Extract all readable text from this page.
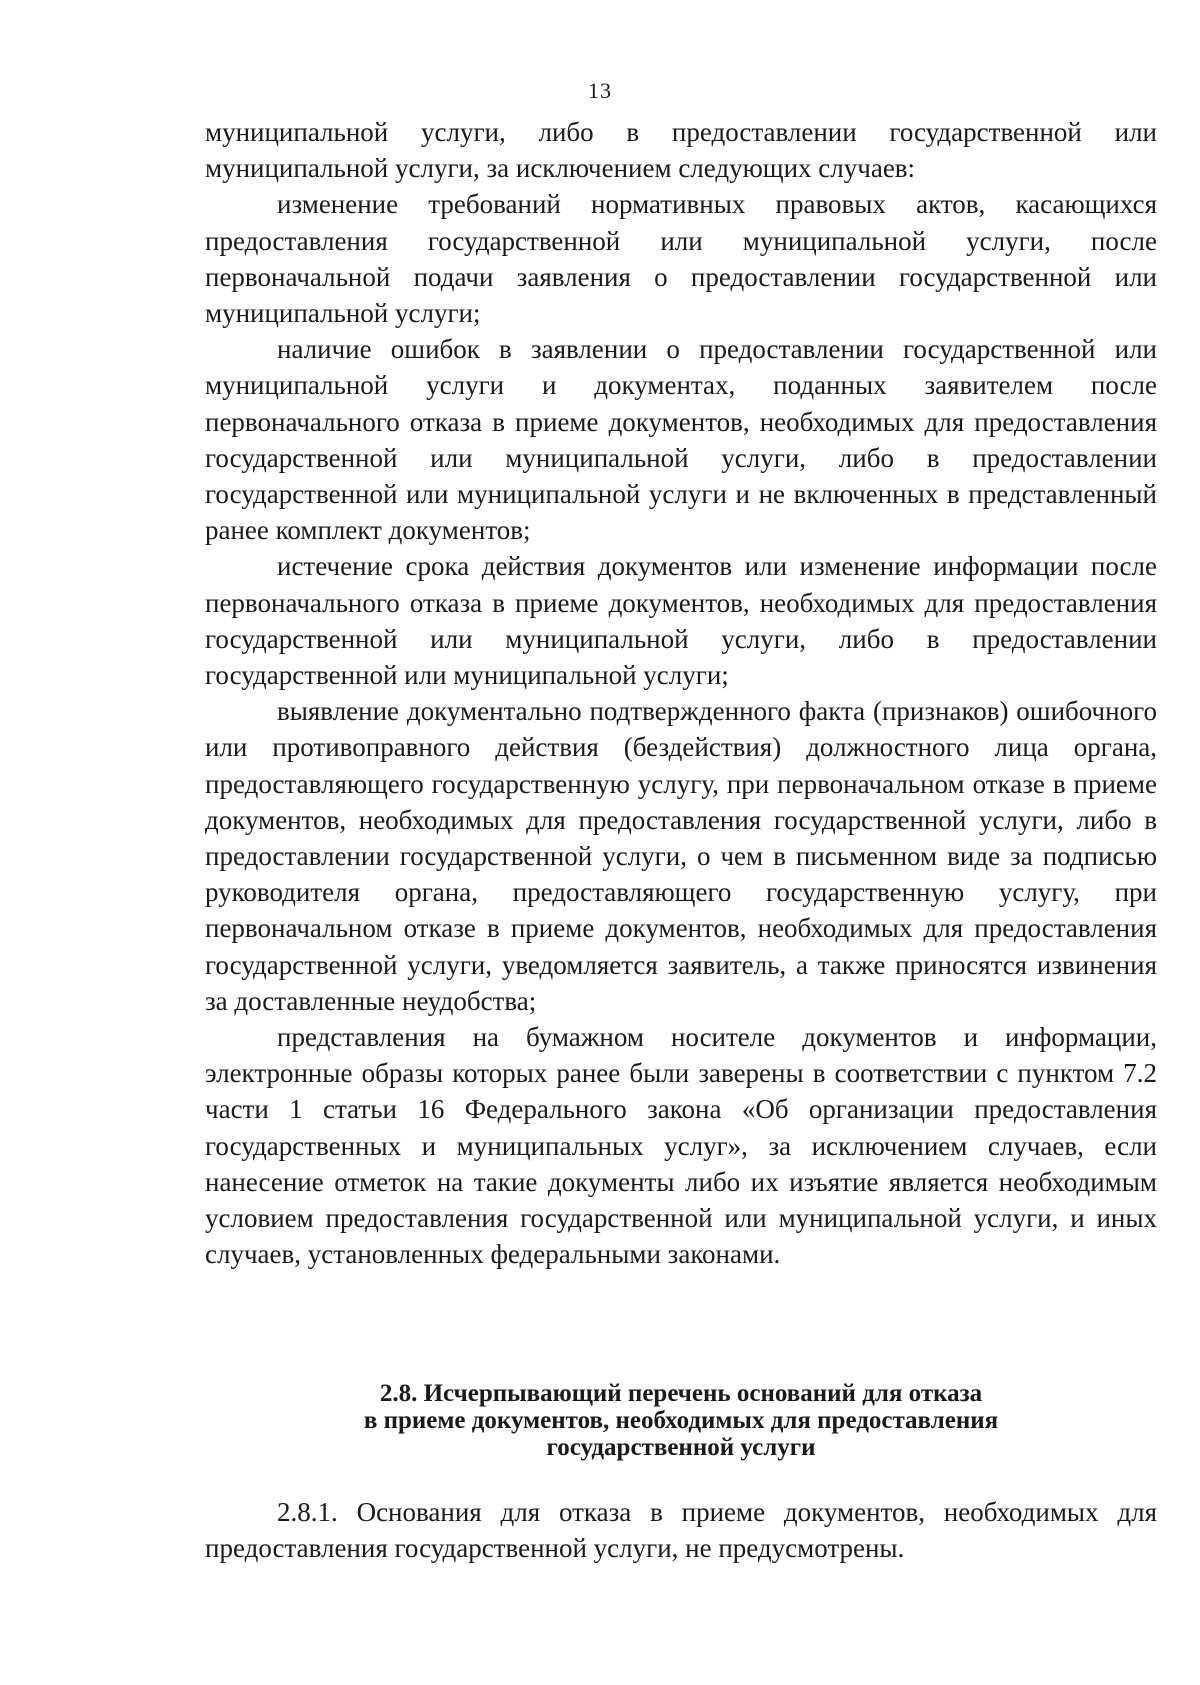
13

муниципальной услуги, либо в предоставлении государственной или муниципальной услуги, за исключением следующих случаев:

изменение требований нормативных правовых актов, касающихся предоставления государственной или муниципальной услуги, после первоначальной подачи заявления о предоставлении государственной или муниципальной услуги;

наличие ошибок в заявлении о предоставлении государственной или муниципальной услуги и документах, поданных заявителем после первоначального отказа в приеме документов, необходимых для предоставления государственной или муниципальной услуги, либо в предоставлении государственной или муниципальной услуги и не включенных в представленный ранее комплект документов;

истечение срока действия документов или изменение информации после первоначального отказа в приеме документов, необходимых для предоставления государственной или муниципальной услуги, либо в предоставлении государственной или муниципальной услуги;

выявление документально подтвержденного факта (признаков) ошибочного или противоправного действия (бездействия) должностного лица органа, предоставляющего государственную услугу, при первоначальном отказе в приеме документов, необходимых для предоставления государственной услуги, либо в предоставлении государственной услуги, о чем в письменном виде за подписью руководителя органа, предоставляющего государственную услугу, при первоначальном отказе в приеме документов, необходимых для предоставления государственной услуги, уведомляется заявитель, а также приносятся извинения за доставленные неудобства;

представления на бумажном носителе документов и информации, электронные образы которых ранее были заверены в соответствии с пунктом 7.2 части 1 статьи 16 Федерального закона «Об организации предоставления государственных и муниципальных услуг», за исключением случаев, если нанесение отметок на такие документы либо их изъятие является необходимым условием предоставления государственной или муниципальной услуги, и иных случаев, установленных федеральными законами.

2.8. Исчерпывающий перечень оснований для отказа
в приеме документов, необходимых для предоставления
государственной услуги

2.8.1. Основания для отказа в приеме документов, необходимых для предоставления государственной услуги, не предусмотрены.
